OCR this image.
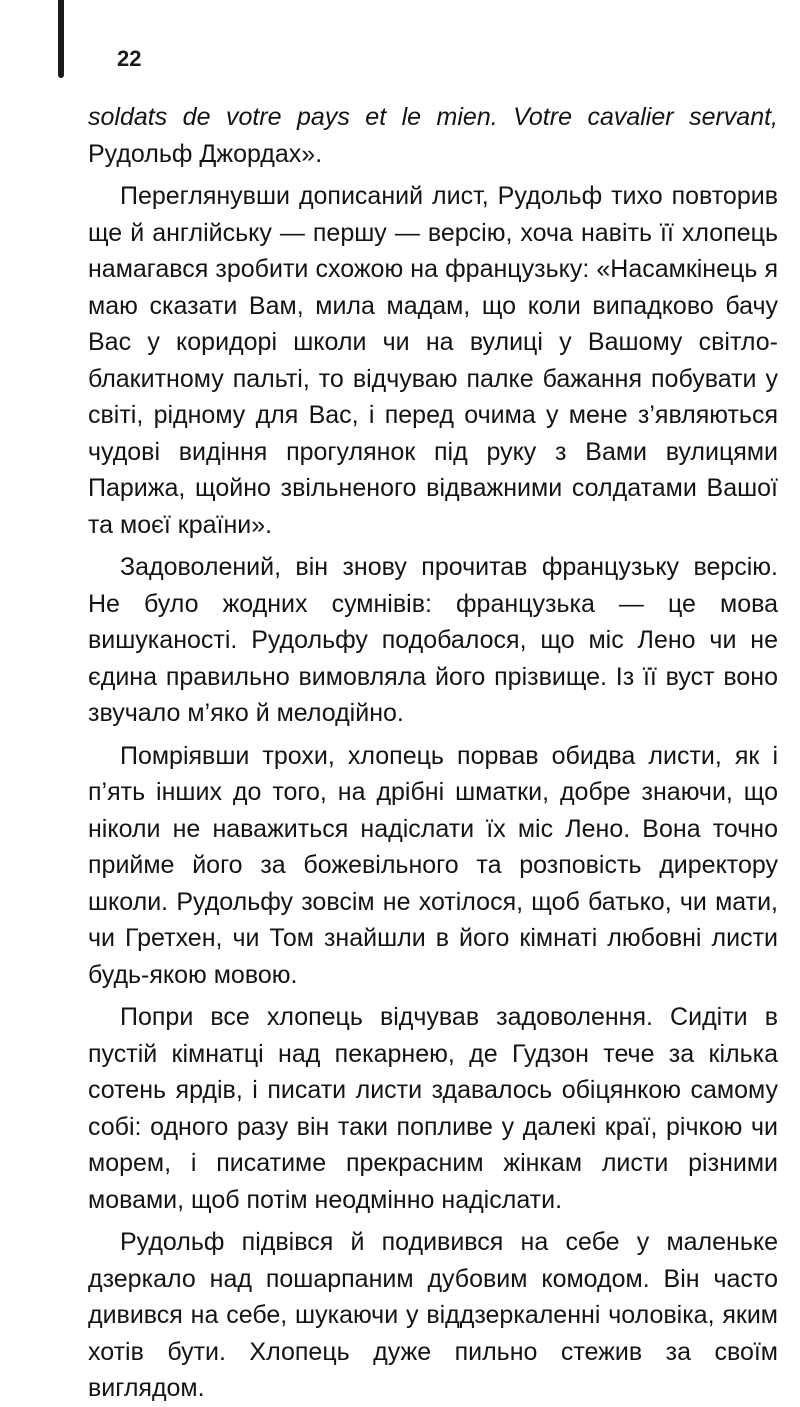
22

soldats de votre pays et le mien. Votre cavalier servant, Рудольф Джордах».

Переглянувши дописаний лист, Рудольф тихо повторив ще й англійську — першу — версію, хоча навіть її хлопець намагався зробити схожою на французьку: «Насамкінець я маю сказати Вам, мила мадам, що коли випадково бачу Вас у коридорі школи чи на вулиці у Вашому світло-блакитному пальті, то відчуваю палке бажання побувати у світі, рідному для Вас, і перед очима у мене з’являються чудові видіння прогулянок під руку з Вами вулицями Парижа, щойно звільненого відважними солдатами Вашої та моєї країни».

Задоволений, він знову прочитав французьку версію. Не було жодних сумнівів: французька — це мова вишуканості. Рудольфу подобалося, що міс Лено чи не єдина правильно вимовляла його прізвище. Із її вуст воно звучало м’яко й мелодійно.

Помріявши трохи, хлопець порвав обидва листи, як і п’ять інших до того, на дрібні шматки, добре знаючи, що ніколи не наважиться надіслати їх міс Лено. Вона точно прийме його за божевільного та розповість директору школи. Рудольфу зовсім не хотілося, щоб батько, чи мати, чи Гретхен, чи Том знайшли в його кімнаті любовні листи будь-якою мовою.

Попри все хлопець відчував задоволення. Сидіти в пустій кімнатці над пекарнею, де Гудзон тече за кілька сотень ярдів, і писати листи здавалось обіцянкою самому собі: одного разу він таки попливе у далекі краї, річкою чи морем, і писатиме прекрасним жінкам листи різними мовами, щоб потім неодмінно надіслати.

Рудольф підвівся й подивився на себе у маленьке дзеркало над пошарпаним дубовим комодом. Він часто дивився на себе, шукаючи у віддзеркаленні чоловіка, яким хотів бути. Хлопець дуже пильно стежив за своїм виглядом.
